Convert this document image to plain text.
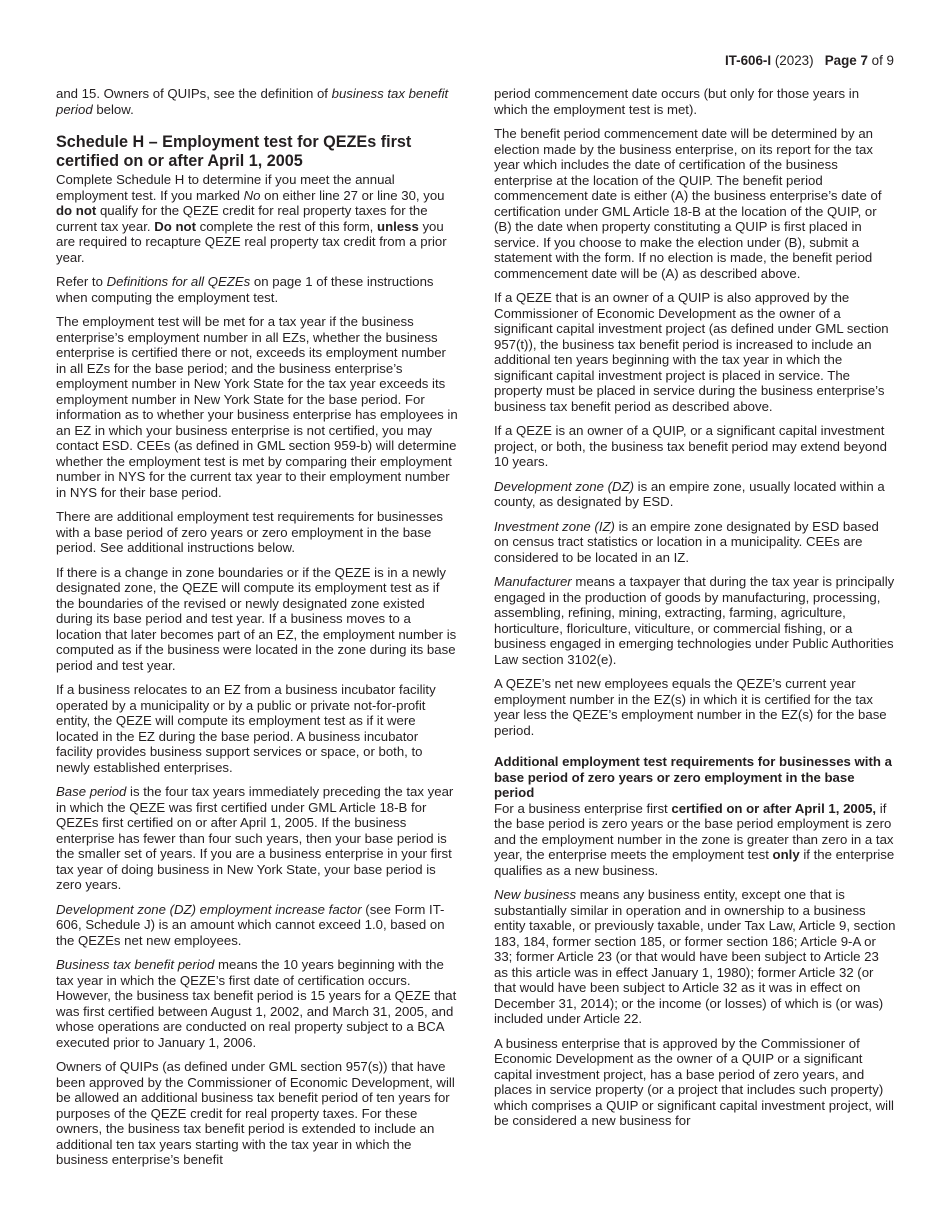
IT-606-I (2023) Page 7 of 9

and 15. Owners of QUIPs, see the definition of business tax benefit period below.

Schedule H – Employment test for QEZEs first certified on or after April 1, 2005

Complete Schedule H to determine if you meet the annual employment test. If you marked No on either line 27 or line 30, you do not qualify for the QEZE credit for real property taxes for the current tax year. Do not complete the rest of this form, unless you are required to recapture QEZE real property tax credit from a prior year.

Refer to Definitions for all QEZEs on page 1 of these instructions when computing the employment test.

The employment test will be met for a tax year if the business enterprise’s employment number in all EZs, whether the business enterprise is certified there or not, exceeds its employment number in all EZs for the base period; and the business enterprise’s employment number in New York State for the tax year exceeds its employment number in New York State for the base period. For information as to whether your business enterprise has employees in an EZ in which your business enterprise is not certified, you may contact ESD. CEEs (as defined in GML section 959-b) will determine whether the employment test is met by comparing their employment number in NYS for the current tax year to their employment number in NYS for their base period.

There are additional employment test requirements for businesses with a base period of zero years or zero employment in the base period. See additional instructions below.

If there is a change in zone boundaries or if the QEZE is in a newly designated zone, the QEZE will compute its employment test as if the boundaries of the revised or newly designated zone existed during its base period and test year. If a business moves to a location that later becomes part of an EZ, the employment number is computed as if the business were located in the zone during its base period and test year.

If a business relocates to an EZ from a business incubator facility operated by a municipality or by a public or private not-for-profit entity, the QEZE will compute its employment test as if it were located in the EZ during the base period. A business incubator facility provides business support services or space, or both, to newly established enterprises.

Base period is the four tax years immediately preceding the tax year in which the QEZE was first certified under GML Article 18-B for QEZEs first certified on or after April 1, 2005. If the business enterprise has fewer than four such years, then your base period is the smaller set of years. If you are a business enterprise in your first tax year of doing business in New York State, your base period is zero years.

Development zone (DZ) employment increase factor (see Form IT-606, Schedule J) is an amount which cannot exceed 1.0, based on the QEZEs net new employees.

Business tax benefit period means the 10 years beginning with the tax year in which the QEZE’s first date of certification occurs. However, the business tax benefit period is 15 years for a QEZE that was first certified between August 1, 2002, and March 31, 2005, and whose operations are conducted on real property subject to a BCA executed prior to January 1, 2006.

Owners of QUIPs (as defined under GML section 957(s)) that have been approved by the Commissioner of Economic Development, will be allowed an additional business tax benefit period of ten years for purposes of the QEZE credit for real property taxes. For these owners, the business tax benefit period is extended to include an additional ten tax years starting with the tax year in which the business enterprise’s benefit

period commencement date occurs (but only for those years in which the employment test is met).

The benefit period commencement date will be determined by an election made by the business enterprise, on its report for the tax year which includes the date of certification of the business enterprise at the location of the QUIP. The benefit period commencement date is either (A) the business enterprise’s date of certification under GML Article 18-B at the location of the QUIP, or (B) the date when property constituting a QUIP is first placed in service. If you choose to make the election under (B), submit a statement with the form. If no election is made, the benefit period commencement date will be (A) as described above.

If a QEZE that is an owner of a QUIP is also approved by the Commissioner of Economic Development as the owner of a significant capital investment project (as defined under GML section 957(t)), the business tax benefit period is increased to include an additional ten years beginning with the tax year in which the significant capital investment project is placed in service. The property must be placed in service during the business enterprise’s business tax benefit period as described above.

If a QEZE is an owner of a QUIP, or a significant capital investment project, or both, the business tax benefit period may extend beyond 10 years.

Development zone (DZ) is an empire zone, usually located within a county, as designated by ESD.

Investment zone (IZ) is an empire zone designated by ESD based on census tract statistics or location in a municipality. CEEs are considered to be located in an IZ.

Manufacturer means a taxpayer that during the tax year is principally engaged in the production of goods by manufacturing, processing, assembling, refining, mining, extracting, farming, agriculture, horticulture, floriculture, viticulture, or commercial fishing, or a business engaged in emerging technologies under Public Authorities Law section 3102(e).

A QEZE’s net new employees equals the QEZE’s current year employment number in the EZ(s) in which it is certified for the tax year less the QEZE’s employment number in the EZ(s) for the base period.

Additional employment test requirements for businesses with a base period of zero years or zero employment in the base period

For a business enterprise first certified on or after April 1, 2005, if the base period is zero years or the base period employment is zero and the employment number in the zone is greater than zero in a tax year, the enterprise meets the employment test only if the enterprise qualifies as a new business.

New business means any business entity, except one that is substantially similar in operation and in ownership to a business entity taxable, or previously taxable, under Tax Law, Article 9, section 183, 184, former section 185, or former section 186; Article 9-A or 33; former Article 23 (or that would have been subject to Article 23 as this article was in effect January 1, 1980); former Article 32 (or that would have been subject to Article 32 as it was in effect on December 31, 2014); or the income (or losses) of which is (or was) included under Article 22.

A business enterprise that is approved by the Commissioner of Economic Development as the owner of a QUIP or a significant capital investment project, has a base period of zero years, and places in service property (or a project that includes such property) which comprises a QUIP or significant capital investment project, will be considered a new business for
